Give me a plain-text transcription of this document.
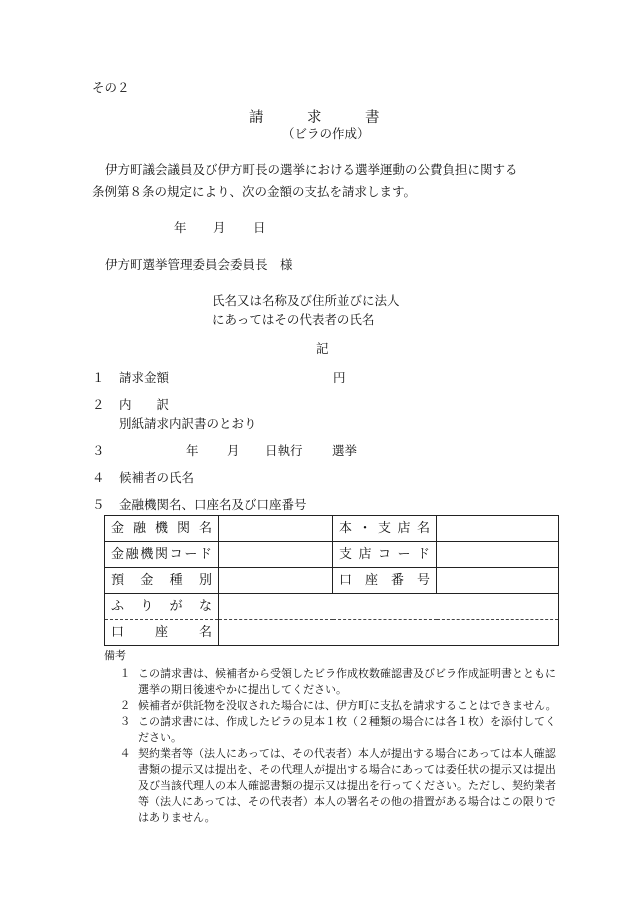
その２
請　　　求　　　書
（ビラの作成）
伊方町議会議員及び伊方町長の選挙における選挙運動の公費負担に関する
条例第８条の規定により、次の金額の支払を請求します。
年 月 日
伊方町選挙管理委員会委員長　様
氏名又は名称及び住所並びに法人
にあってはその代表者の氏名
記
１ 請求金額	円
２ 内　　訳
別紙請求内訳書のとおり
３	年 月 日執行 選挙
４ 候補者の氏名
５ 金融機関名、口座名及び口座番号
金融機関名		本・支店名	
金融機関コード		支店コード	
預金種別		口座番号	
ふりがな			
口座名			
備考
１ この請求書は、候補者から受領したビラ作成枚数確認書及びビラ作成証明書とともに選挙の期日後速やかに提出してください。
２ 候補者が供託物を没収された場合には、伊方町に支払を請求することはできません。
３ この請求書には、作成したビラの見本１枚（２種類の場合には各１枚）を添付してください。
４ 契約業者等（法人にあっては、その代表者）本人が提出する場合にあっては本人確認書類の提示又は提出を、その代理人が提出する場合にあっては委任状の提示又は提出及び当該代理人の本人確認書類の提示又は提出を行ってください。ただし、契約業者等（法人にあっては、その代表者）本人の署名その他の措置がある場合はこの限りではありません。
